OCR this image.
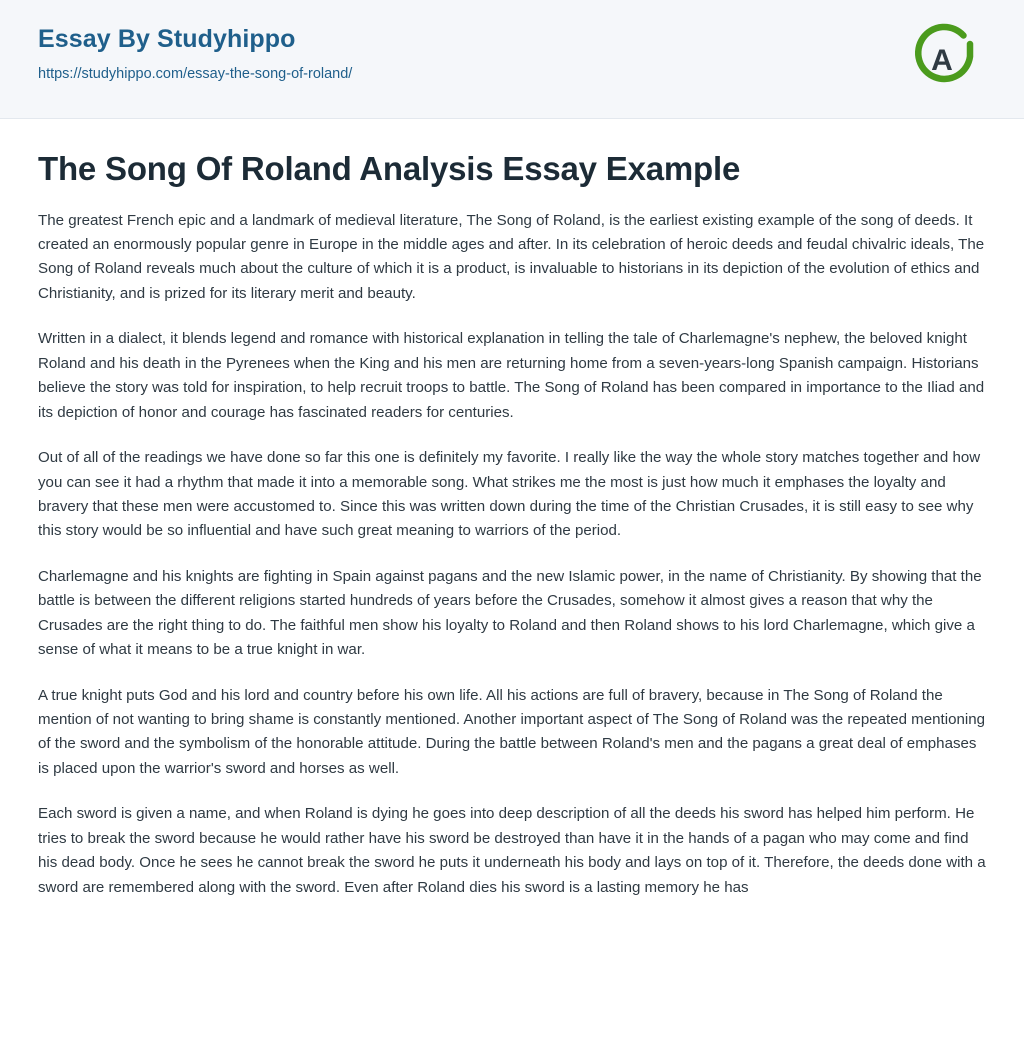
Essay By Studyhippo
https://studyhippo.com/essay-the-song-of-roland/	A
The Song Of Roland Analysis Essay Example

The greatest French epic and a landmark of medieval literature, The Song of Roland, is the earliest existing example of the song of deeds. It created an enormously popular genre in Europe in the middle ages and after. In its celebration of heroic deeds and feudal chivalric ideals, The Song of Roland reveals much about the culture of which it is a product, is invaluable to historians in its depiction of the evolution of ethics and Christianity, and is prized for its literary merit and beauty.

Written in a dialect, it blends legend and romance with historical explanation in telling the tale of Charlemagne's nephew, the beloved knight Roland and his death in the Pyrenees when the King and his men are returning home from a seven-years-long Spanish campaign. Historians believe the story was told for inspiration, to help recruit troops to battle. The Song of Roland has been compared in importance to the Iliad and its depiction of honor and courage has fascinated readers for centuries.

Out of all of the readings we have done so far this one is definitely my favorite. I really like the way the whole story matches together and how you can see it had a rhythm that made it into a memorable song. What strikes me the most is just how much it emphases the loyalty and bravery that these men were accustomed to. Since this was written down during the time of the Christian Crusades, it is still easy to see why this story would be so influential and have such great meaning to warriors of the period.

Charlemagne and his knights are fighting in Spain against pagans and the new Islamic power, in the name of Christianity. By showing that the battle is between the different religions started hundreds of years before the Crusades, somehow it almost gives a reason that why the Crusades are the right thing to do. The faithful men show his loyalty to Roland and then Roland shows to his lord Charlemagne, which give a sense of what it means to be a true knight in war.

A true knight puts God and his lord and country before his own life. All his actions are full of bravery, because in The Song of Roland the mention of not wanting to bring shame is constantly mentioned. Another important aspect of The Song of Roland was the repeated mentioning of the sword and the symbolism of the honorable attitude. During the battle between Roland's men and the pagans a great deal of emphases is placed upon the warrior's sword and horses as well.

Each sword is given a name, and when Roland is dying he goes into deep description of all the deeds his sword has helped him perform. He tries to break the sword because he would rather have his sword be destroyed than have it in the hands of a pagan who may come and find his dead body. Once he sees he cannot break the sword he puts it underneath his body and lays on top of it. Therefore, the deeds done with a sword are remembered along with the sword. Even after Roland dies his sword is a lasting memory he has
